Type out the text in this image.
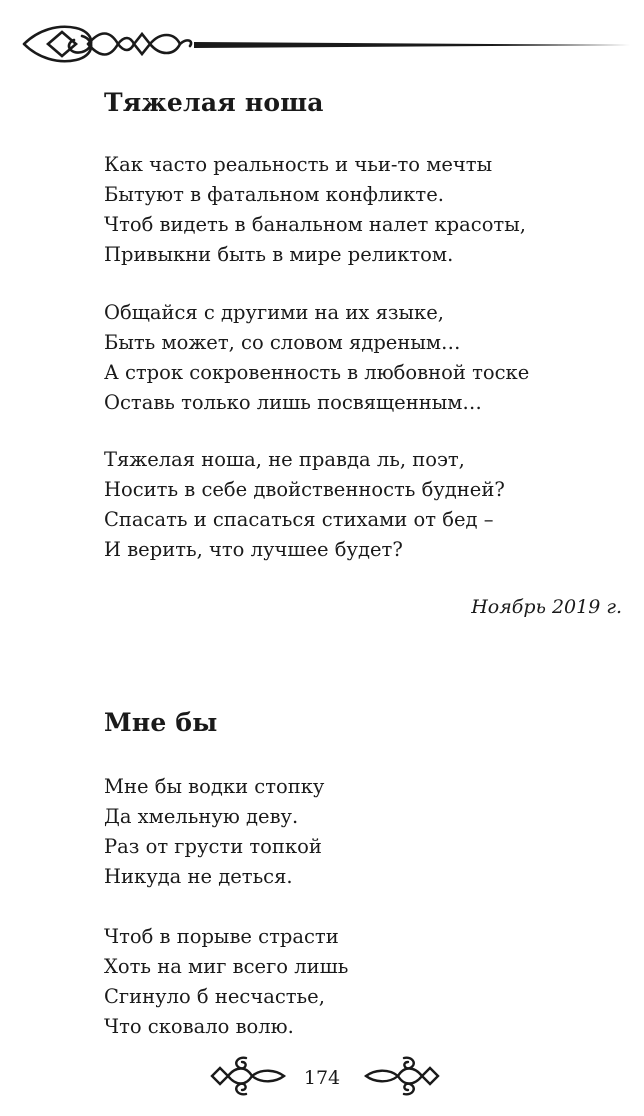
Тяжелая ноша
Как часто реальность и чьи-то мечты
Бытуют в фатальном конфликте.
Чтоб видеть в банальном налет красоты,
Привыкни быть в мире реликтом.
Общайся с другими на их языке,
Быть может, со словом ядреным…
А строк сокровенность в любовной тоске
Оставь только лишь посвященным…
Тяжелая ноша, не правда ль, поэт,
Носить в себе двойственность будней?
Спасать и спасаться стихами от бед –
И верить, что лучшее будет?
Ноябрь 2019 г.
Мне бы
Мне бы водки стопку
Да хмельную деву.
Раз от грусти топкой
Никуда не деться.
Чтоб в порыве страсти
Хоть на миг всего лишь
Сгинуло б несчастье,
Что сковало волю.
174
